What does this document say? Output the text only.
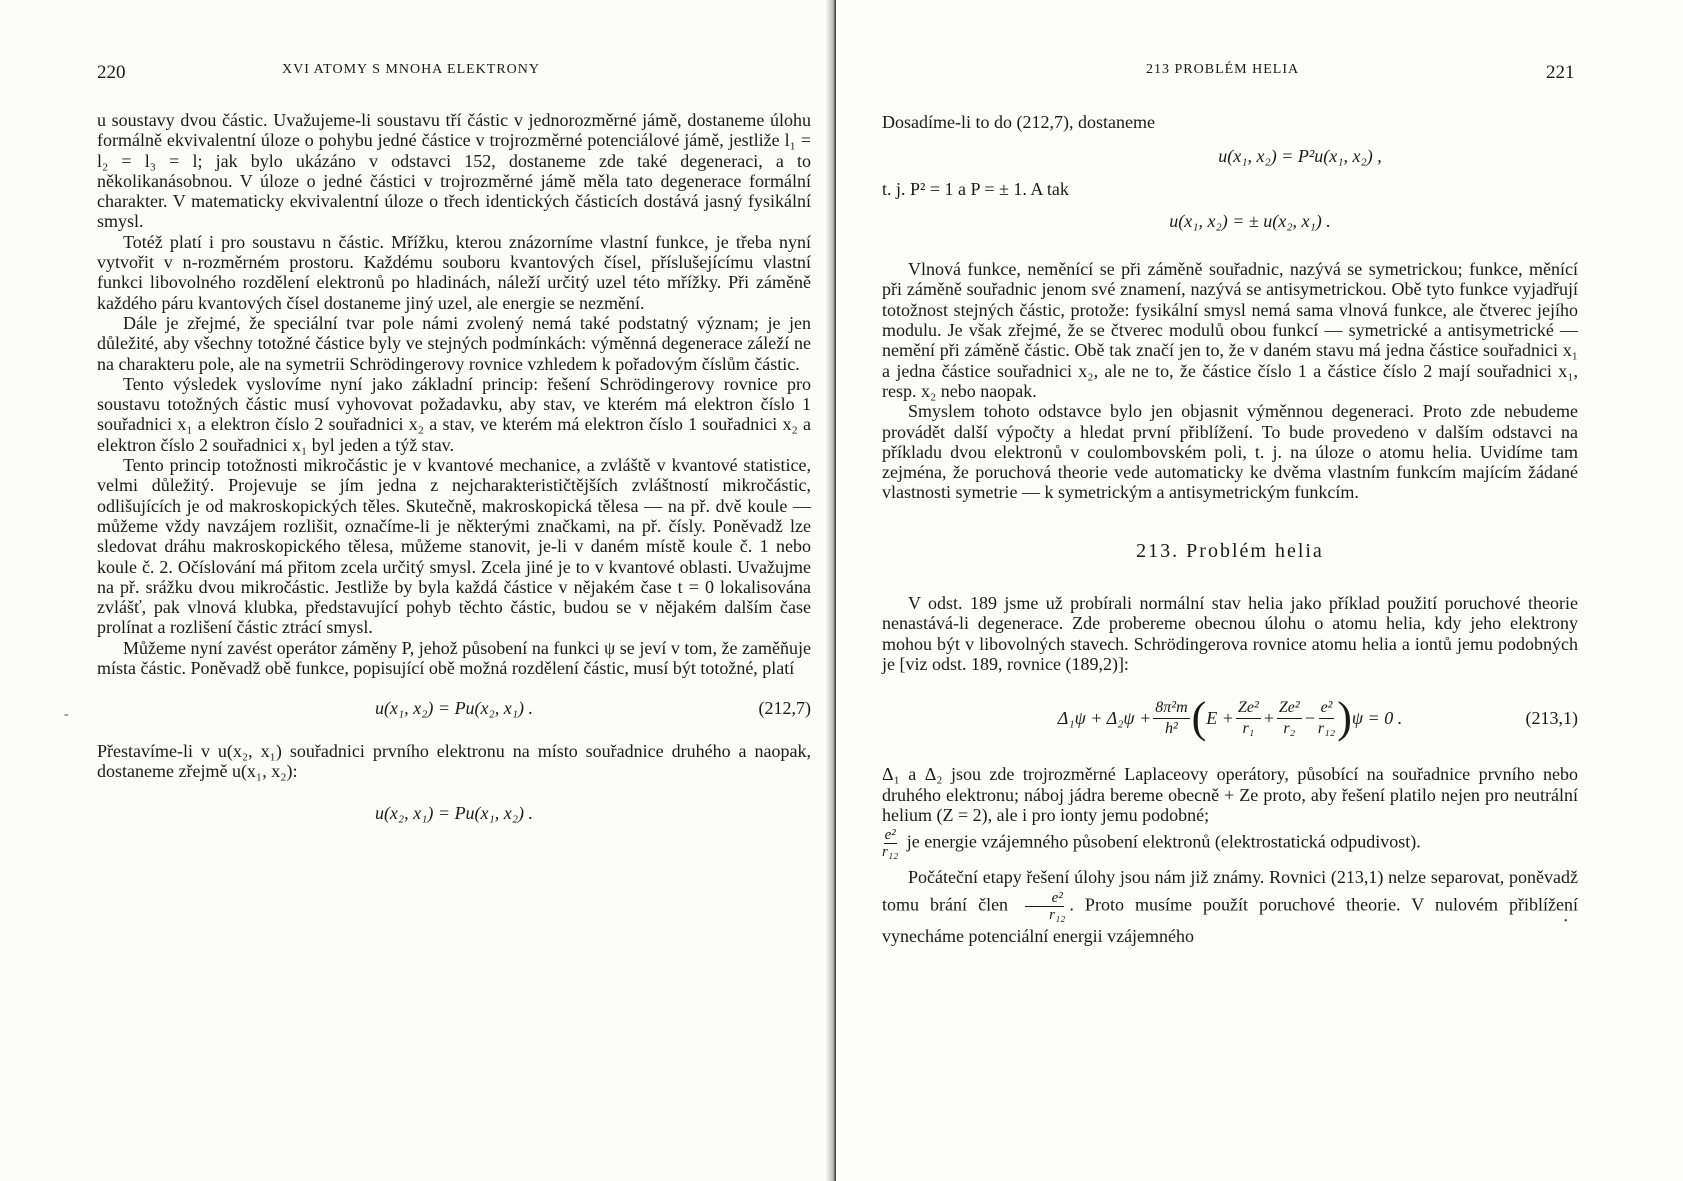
220	XVI ATOMY S MNOHA ELEKTRONY

u soustavy dvou částic. Uvažujeme-li soustavu tří částic v jednorozměrné jámě, dostaneme úlohu formálně ekvivalentní úloze o pohybu jedné částice v trojrozměrné potenciálové jámě, jestliže l₁ = l₂ = l₃ = l; jak bylo ukázáno v odstavci 152, dostaneme zde také degeneraci, a to několikanásobnou. V úloze o jedné částici v trojrozměrné jámě měla tato degenerace formální charakter. V matematicky ekvivalentní úloze o třech identických částicích dostává jasný fysikální smysl.

Totéž platí i pro soustavu n částic. Mřížku, kterou znázorníme vlastní funkce, je třeba nyní vytvořit v n-rozměrném prostoru. Každému souboru kvantových čísel, příslušejícímu vlastní funkci libovolného rozdělení elektronů po hladinách, náleží určitý uzel této mřížky. Při záměně každého páru kvantových čísel dostaneme jiný uzel, ale energie se nezmění.

Dále je zřejmé, že speciální tvar pole námi zvolený nemá také podstatný význam; je jen důležité, aby všechny totožné částice byly ve stejných podmínkách: výměnná degenerace záleží ne na charakteru pole, ale na symetrii Schrödingerovy rovnice vzhledem k pořadovým číslům částic.

Tento výsledek vyslovíme nyní jako základní princip: řešení Schrödingerovy rovnice pro soustavu totožných částic musí vyhovovat požadavku, aby stav, ve kterém má elektron číslo 1 souřadnici x₁ a elektron číslo 2 souřadnici x₂ a stav, ve kterém má elektron číslo 1 souřadnici x₂ a elektron číslo 2 souřadnici x₁ byl jeden a týž stav.

Tento princip totožnosti mikročástic je v kvantové mechanice, a zvláště v kvantové statistice, velmi důležitý. Projevuje se jím jedna z nejcharakterističtějších zvláštností mikročástic, odlišujících je od makroskopických těles. Skutečně, makroskopická tělesa — na př. dvě koule — můžeme vždy navzájem rozlišit, označíme-li je některými značkami, na př. čísly. Poněvadž lze sledovat dráhu makroskopického tělesa, můžeme stanovit, je-li v daném místě koule č. 1 nebo koule č. 2. Očíslování má přitom zcela určitý smysl. Zcela jiné je to v kvantové oblasti. Uvažujme na př. srážku dvou mikročástic. Jestliže by byla každá částice v nějakém čase t = 0 lokalisována zvlášť, pak vlnová klubka, představující pohyb těchto částic, budou se v nějakém dalším čase prolínat a rozlišení částic ztrácí smysl.

Můžeme nyní zavést operátor záměny P, jehož působení na funkci ψ se jeví v tom, že zaměňuje místa částic. Poněvadž obě funkce, popisující obě možná rozdělení částic, musí být totožné, platí

u(x₁, x₂) = Pu(x₂, x₁) .	(212,7)

Přestavíme-li v u(x₂, x₁) souřadnici prvního elektronu na místo souřadnice druhého a naopak, dostaneme zřejmě u(x₁, x₂):

u(x₂, x₁) = Pu(x₁, x₂) .
-
213 PROBLÉM HELIA	221

Dosadíme-li to do (212,7), dostaneme

u(x₁, x₂) = P²u(x₁, x₂) ,

t. j. P² = 1 a P = ± 1. A tak

u(x₁, x₂) = ± u(x₂, x₁) .

Vlnová funkce, neměnící se při záměně souřadnic, nazývá se symetrickou; funkce, měnící při záměně souřadnic jenom své znamení, nazývá se antisymetrickou. Obě tyto funkce vyjadřují totožnost stejných částic, protože: fysikální smysl nemá sama vlnová funkce, ale čtverec jejího modulu. Je však zřejmé, že se čtverec modulů obou funkcí — symetrické a antisymetrické — nemění při záměně částic. Obě tak značí jen to, že v daném stavu má jedna částice souřadnici x₁ a jedna částice souřadnici x₂, ale ne to, že částice číslo 1 a částice číslo 2 mají souřadnici x₁, resp. x₂ nebo naopak.

Smyslem tohoto odstavce bylo jen objasnit výměnnou degeneraci. Proto zde nebudeme provádět další výpočty a hledat první přiblížení. To bude provedeno v dalším odstavci na příkladu dvou elektronů v coulombovském poli, t. j. na úloze o atomu helia. Uvidíme tam zejména, že poruchová theorie vede automaticky ke dvěma vlastním funkcím majícím žádané vlastnosti symetrie — k symetrickým a antisymetrickým funkcím.

213. Problém helia

V odst. 189 jsme už probírali normální stav helia jako příklad použití poruchové theorie nenastává-li degenerace. Zde probereme obecnou úlohu o atomu helia, kdy jeho elektrony mohou být v libovolných stavech. Schrödingerova rovnice atomu helia a iontů jemu podobných je [viz odst. 189, rovnice (189,2)]:

$\Delta_1\psi + \Delta_2\psi + \frac{\text{8π²m}}{\text{h²}}$ ( $E + \frac{\text{Ze²}}{\text{r₁}} + \frac{\text{Ze²}}{\text{r₂}} - \frac{\text{e²}}{\text{r₁₂}}$ ) ψ = 0 .	(213,1)

Δ₁ a Δ₂ jsou zde trojrozměrné Laplaceovy operátory, působící na souřadnice prvního nebo druhého elektronu; náboj jádra bereme obecně + Ze proto, aby řešení platilo nejen pro neutrální helium (Z = 2), ale i pro ionty jemu podobné;

$\frac{\text{e²}}{\text{r₁₂}}$ je energie vzájemného působení elektronů (elektrostatická odpudivost).

Počáteční etapy řešení úlohy jsou nám již známy. Rovnici (213,1) nelze separovat, poněvadž tomu brání člen $\frac{\text{e²}}{\text{r₁₂}}$ . Proto musíme použít poruchové theorie. V nulovém přiblížení vynecháme potenciální energii vzájemného

•
